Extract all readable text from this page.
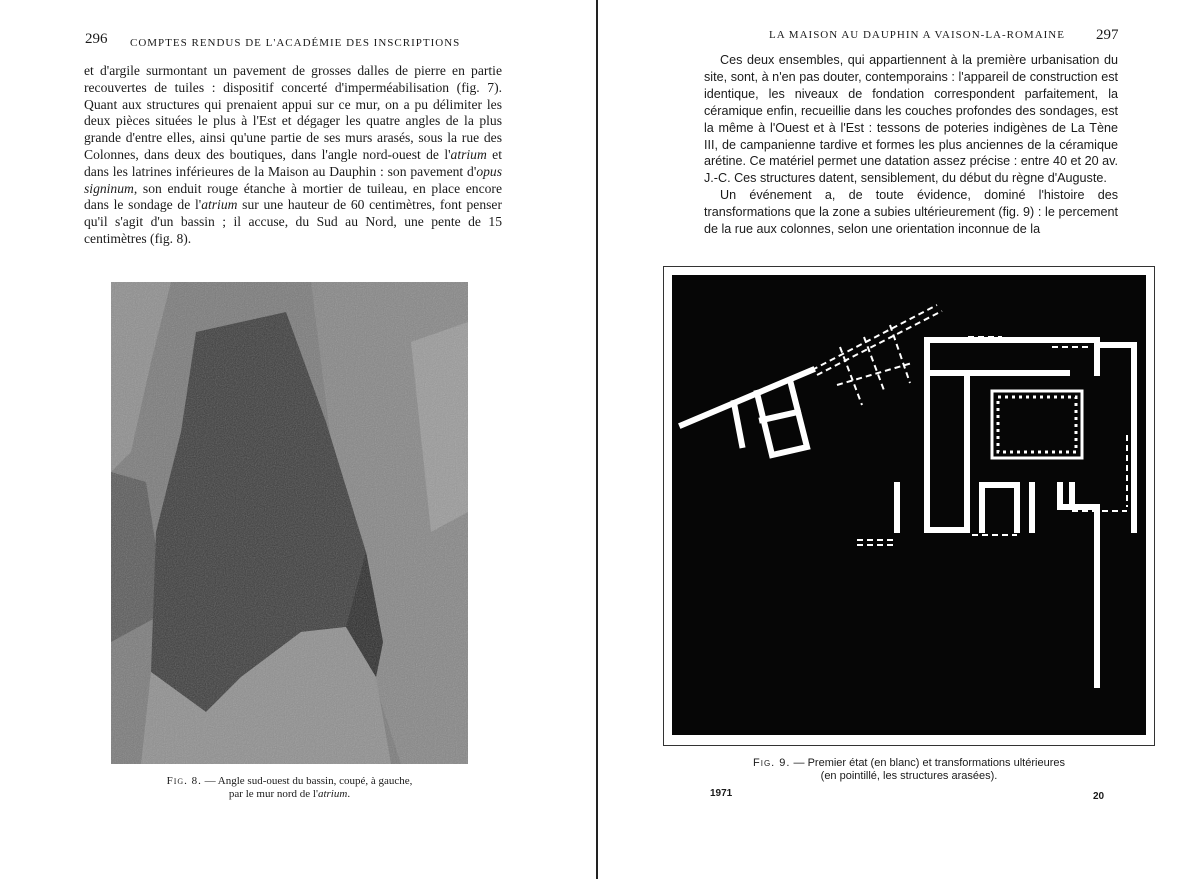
296 COMPTES RENDUS DE L'ACADÉMIE DES INSCRIPTIONS
et d'argile surmontant un pavement de grosses dalles de pierre en partie recouvertes de tuiles : dispositif concerté d'imperméabilisation (fig. 7). Quant aux structures qui prenaient appui sur ce mur, on a pu délimiter les deux pièces situées le plus à l'Est et dégager les quatre angles de la plus grande d'entre elles, ainsi qu'une partie de ses murs arasés, sous la rue des Colonnes, dans deux des boutiques, dans l'angle nord-ouest de l'atrium et dans les latrines inférieures de la Maison au Dauphin : son pavement d'opus signinum, son enduit rouge étanche à mortier de tuileau, en place encore dans le sondage de l'atrium sur une hauteur de 60 centimètres, font penser qu'il s'agit d'un bassin ; il accuse, du Sud au Nord, une pente de 15 centimètres (fig. 8).
Fig. 8. — Angle sud-ouest du bassin, coupé, à gauche,
par le mur nord de l'atrium.
LA MAISON AU DAUPHIN A VAISON-LA-ROMAINE 297

Ces deux ensembles, qui appartiennent à la première urbanisation du site, sont, à n'en pas douter, contemporains : l'appareil de construction est identique, les niveaux de fondation correspondent parfaitement, la céramique enfin, recueillie dans les couches profondes des sondages, est la même à l'Ouest et à l'Est : tessons de poteries indigènes de La Tène III, de campanienne tardive et formes les plus anciennes de la céramique arétine. Ce matériel permet une datation assez précise : entre 40 et 20 av. J.-C. Ces structures datent, sensiblement, du début du règne d'Auguste.

Un événement a, de toute évidence, dominé l'histoire des transformations que la zone a subies ultérieurement (fig. 9) : le percement de la rue aux colonnes, selon une orientation inconnue de la

Fig. 9. — Premier état (en blanc) et transformations ultérieures
(en pointillé, les structures arasées).
1971	20
